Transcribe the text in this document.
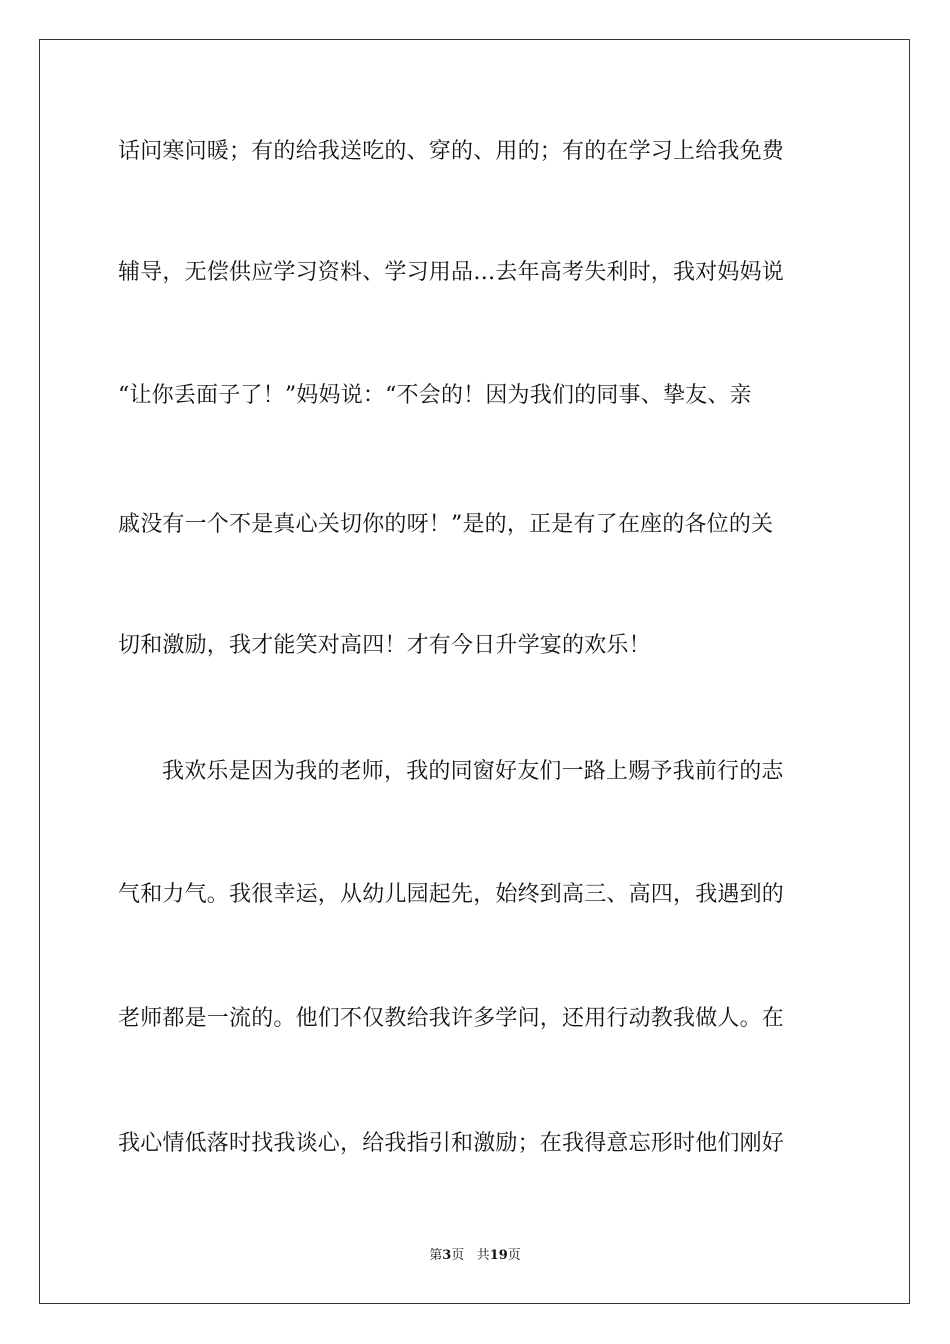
话问寒问暖；有的给我送吃的、穿的、用的；有的在学习上给我免费
辅导，无偿供应学习资料、学习用品…去年高考失利时，我对妈妈说
“让你丢面子了！”妈妈说：“不会的！因为我们的同事、挚友、亲
戚没有一个不是真心关切你的呀！”是的，正是有了在座的各位的关
切和激励，我才能笑对高四！才有今日升学宴的欢乐！
我欢乐是因为我的老师，我的同窗好友们一路上赐予我前行的志
气和力气。我很幸运，从幼儿园起先，始终到高三、高四，我遇到的
老师都是一流的。他们不仅教给我许多学问，还用行动教我做人。在
我心情低落时找我谈心，给我指引和激励；在我得意忘形时他们刚好
第3页 共19页
